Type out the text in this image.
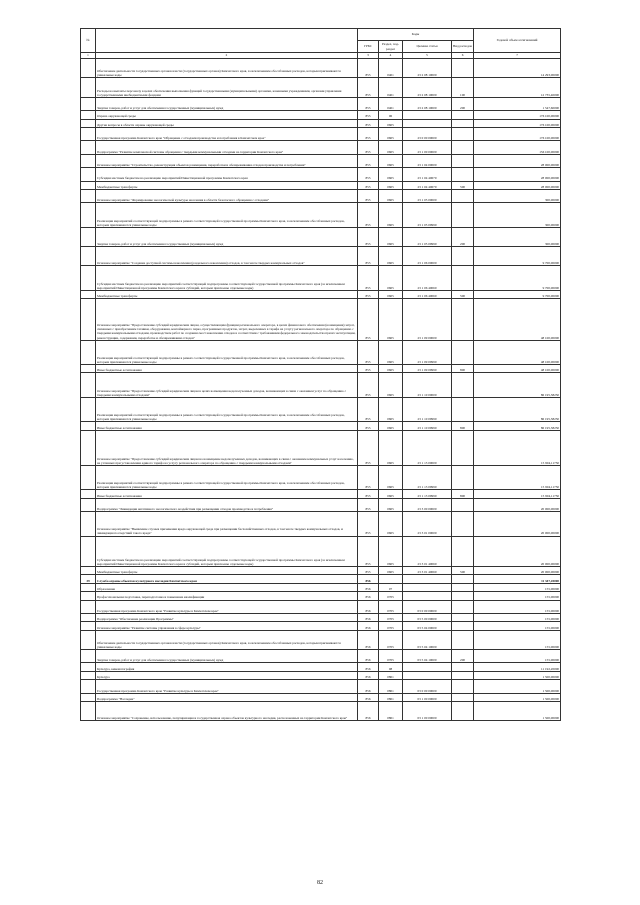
№		Коды				Годовой объем ассигнований
		ГРБС	Раздел, под-раздел	Целевая статья	Вид расходов	
1	2	3	4	5	6	7
	Обеспечение деятельности государственных органов власти (государственных органов) Камчатского края, за исключением обособленных расходов, которым присваиваются уникальные коды	855	0401	23 2 08 10000		14 293,00000
	Расходы на выплаты персоналу в целях обеспечения выполнения функций государственными (муниципальными) органами, казенными учреждениями, органами управления государственными внебюджетными фондами	855	0401	23 2 08 10000	100	12 735,40000
	Закупка товаров, работ и услуг для обеспечения государственных (муниципальных) нужд	855	0401	23 2 08 10000	200	1 547,60000
	Охрана окружающей среды	855	06			176 100,00000
	Другие вопросы в области охраны окружающей среды	855	0605			176 100,00000
	Государственная программа Камчатского края "Обращение с отходами производства и потребления в Камчатском крае"	855	0605	23 0 00 00000		176 100,00000
	Подпрограмма "Развитие комплексной системы обращения с твердыми коммунальными отходами на территории Камчатского края"	855	0605	23 1 00 00000		156 100,00000
	Основное мероприятие "Строительство, реконструкция объектов размещения, переработки и обезвреживания отходов производства и потребления"	855	0605	23 1 04 00000		28 000,00000
	Субсидии местным бюджетам на реализацию мероприятий Инвестиционной программы Камчатского края	855	0605	23 1 04 40670		28 000,00000
	Межбюджетные трансферты	855	0605	23 1 04 40670	500	28 000,00000
	Основное мероприятие "Формирование экологической культуры населения в области безопасного обращения с отходами"	855	0605	23 1 05 00000		300,00000
	Реализация мероприятий соответствующей подпрограммы в рамках соответствующей государственной программы Камчатского края, за исключением обособленных расходов, которым присваиваются уникальные коды	855	0605	23 1 05 09990		300,00000
	Закупка товаров, работ и услуг для обеспечения государственных (муниципальных) нужд	855	0605	23 1 05 09990	200	300,00000
	Основное мероприятие "Создание доступной системы накопления (раздельного накопления) отходов, в том числе твердых коммунальных отходов"	855	0605	23 1 06 00000		9 700,00000
	Субсидии местным бюджетам на реализацию мероприятий соответствующей подпрограммы соответствующей государственной программы Камчатского края (за исключением мероприятий Инвестиционной программы Камчатского края и субсидий, которым присвоены отдельные коды)	855	0605	23 1 06 40060		9 700,00000
	Межбюджетные трансферты	855	0605	23 1 06 40060	500	9 700,00000
	Основное мероприятие "Предоставление субсидий юридическим лицам, осуществляющим функции регионального оператора, в целях финансового обеспечения (возмещения) затрат, связанных с приобретением техники, оборудования, контейнерного парка, программных продуктов, затрат, выделенных в тарифе на услугу регионального оператора по обращению с твердыми коммунальными отходами, производством работ по созданию мест накопления отходов в соответствии с требованиями федерального законодательства при их эксплуатации, реконструкции, содержании, переработке и обезвреживании отходов"	855	0605	23 1 09 00000		48 100,00000
	Реализация мероприятий соответствующей подпрограммы в рамках соответствующей государственной программы Камчатского края, за исключением обособленных расходов, которым присваиваются уникальные коды	855	0605	23 1 09 09990		48 100,00000
	Иные бюджетные ассигнования	855	0605	23 1 09 09990	800	48 100,00000
	Основное мероприятие "Предоставление субсидий юридическим лицам в целях возмещения недополученных доходов, возникающих в связи с оказанием услуг по обращению с твердыми коммунальными отходами"	855	0605	23 1 10 00000		86 195,38250
	Реализация мероприятий соответствующей подпрограммы в рамках соответствующей государственной программы Камчатского края, за исключением обособленных расходов, которым присваиваются уникальные коды	855	0605	23 1 10 09990		86 195,38250
	Иные бюджетные ассигнования	855	0605	23 1 10 09990	800	86 195,38250
	Основное мероприятие "Предоставление субсидий юридическим лицам на возмещение недополученных доходов, возникающих в связи с оказанием коммунальных услуг населению, не учтенных при установлении единого тарифа на услугу регионального оператора по обращению с твердыми коммунальными отходами"	855	0605	23 1 13 00000		15 904,11750
	Реализация мероприятий соответствующей подпрограммы в рамках соответствующей государственной программы Камчатского края, за исключением обособленных расходов, которым присваиваются уникальные коды	855	0605	23 1 13 09990		15 904,11750
	Иные бюджетные ассигнования	855	0605	23 1 13 09990	800	15 904,11750
	Подпрограмма "Ликвидация негативного экологического воздействия при размещении отходов производства и потребления"	855	0605	23 3 00 00000		20 000,00000
	Основное мероприятие "Выявление случаев причинения вреда окружающей среде при размещении бесхозяйственных отходов, в том числе твердых коммунальных отходов, и ликвидация последствий такого вреда"	855	0605	23 3 01 00000		20 000,00000
	Субсидии местным бюджетам на реализацию мероприятий соответствующей подпрограммы соответствующей государственной программы Камчатского края (за исключением мероприятий Инвестиционной программы Камчатского края и субсидий, которым присвоены отдельные коды)	855	0605	23 3 01 40060		20 000,00000
	Межбюджетные трансферты	855	0605	23 3 01 40060	500	20 000,00000
39	Служба охраны объектов культурного наследия Камчатского края	856				11 347,20000
	Образование	856	07			155,00000
	Профессиональная подготовка, переподготовка и повышение квалификации	856	0705			155,00000
	Государственная программа Камчатского края "Развитие культуры в Камчатском крае"	856	0705	03 0 00 00000		155,00000
	Подпрограмма "Обеспечение реализации Программы"	856	0705	03 5 00 00000		155,00000
	Основное мероприятие "Развитие системы управления в сфере культуры"	856	0705	03 5 04 00000		155,00000
	Обеспечение деятельности государственных органов власти (государственных органов) Камчатского края, за исключением обособленных расходов, которым присваиваются уникальные коды	856	0705	03 5 04 10000		155,00000
	Закупка товаров, работ и услуг для обеспечения государственных (муниципальных) нужд	856	0705	03 5 04 10000	200	155,00000
	Культура, кинематография	856	08			11 192,20000
	Культура	856	0801			1 500,00000
	Государственная программа Камчатского края "Развитие культуры в Камчатском крае"	856	0801	03 0 00 00000		1 500,00000
	Подпрограмма "Наследие"	856	0801	03 1 00 00000		1 500,00000
	Основное мероприятие "Сохранение, использование, популяризация и государственная охрана объектов культурного наследия, расположенных на территории Камчатского края"	856	0801	03 1 00 00000		1 500,00000
82
